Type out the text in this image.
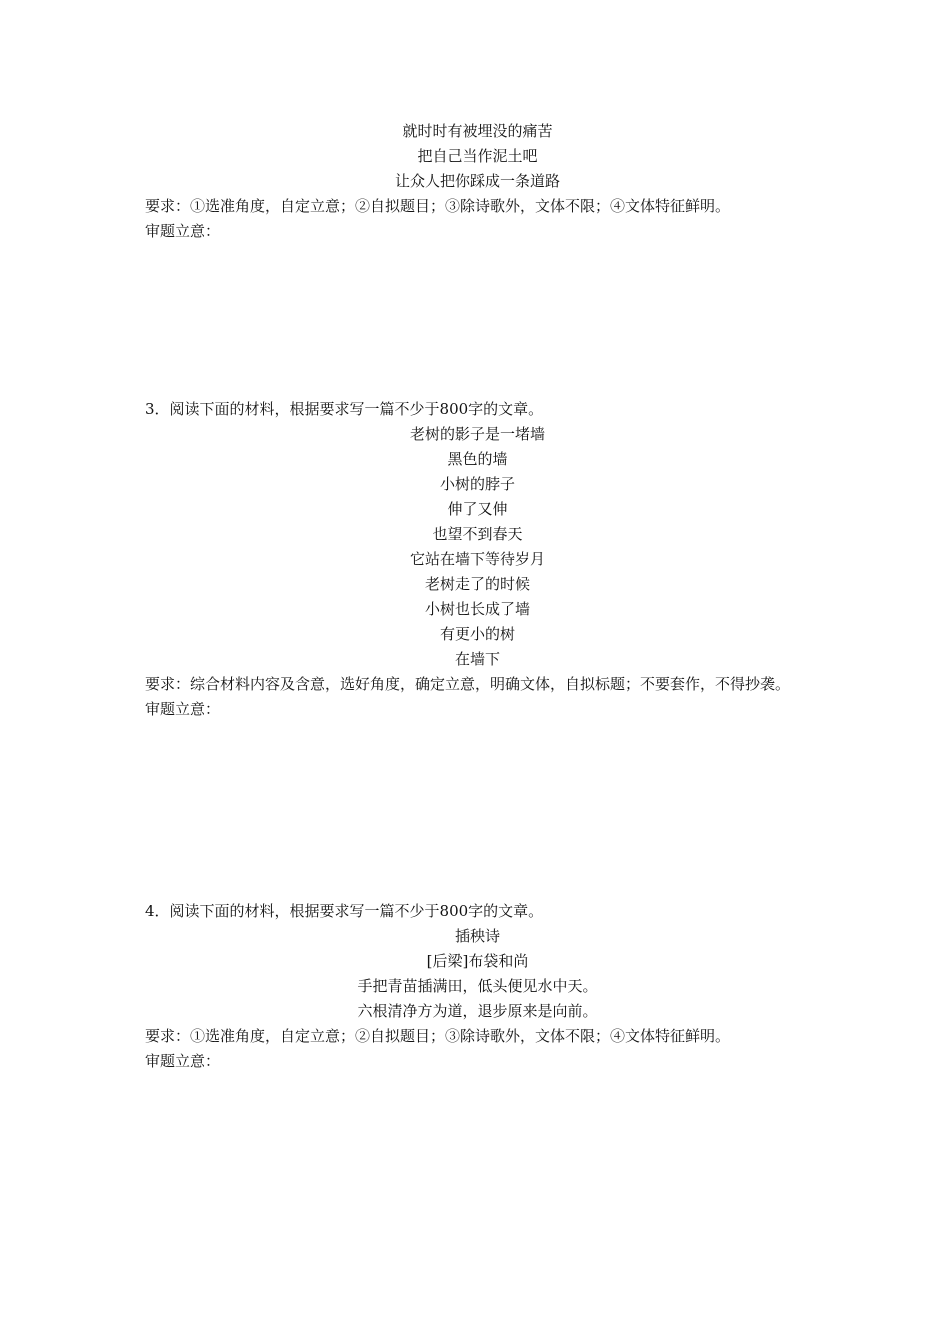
就时时有被埋没的痛苦
把自己当作泥土吧
让众人把你踩成一条道路
要求：①选准角度，自定立意；②自拟题目；③除诗歌外，文体不限；④文体特征鲜明。
审题立意：
3．阅读下面的材料，根据要求写一篇不少于800字的文章。
老树的影子是一堵墙
黑色的墙
小树的脖子
伸了又伸
也望不到春天
它站在墙下等待岁月
老树走了的时候
小树也长成了墙
有更小的树
在墙下
要求：综合材料内容及含意，选好角度，确定立意，明确文体，自拟标题；不要套作，不得抄袭。
审题立意：
4．阅读下面的材料，根据要求写一篇不少于800字的文章。
插秧诗
[后梁]布袋和尚
手把青苗插满田，低头便见水中天。
六根清净方为道，退步原来是向前。
要求：①选准角度，自定立意；②自拟题目；③除诗歌外，文体不限；④文体特征鲜明。
审题立意：
